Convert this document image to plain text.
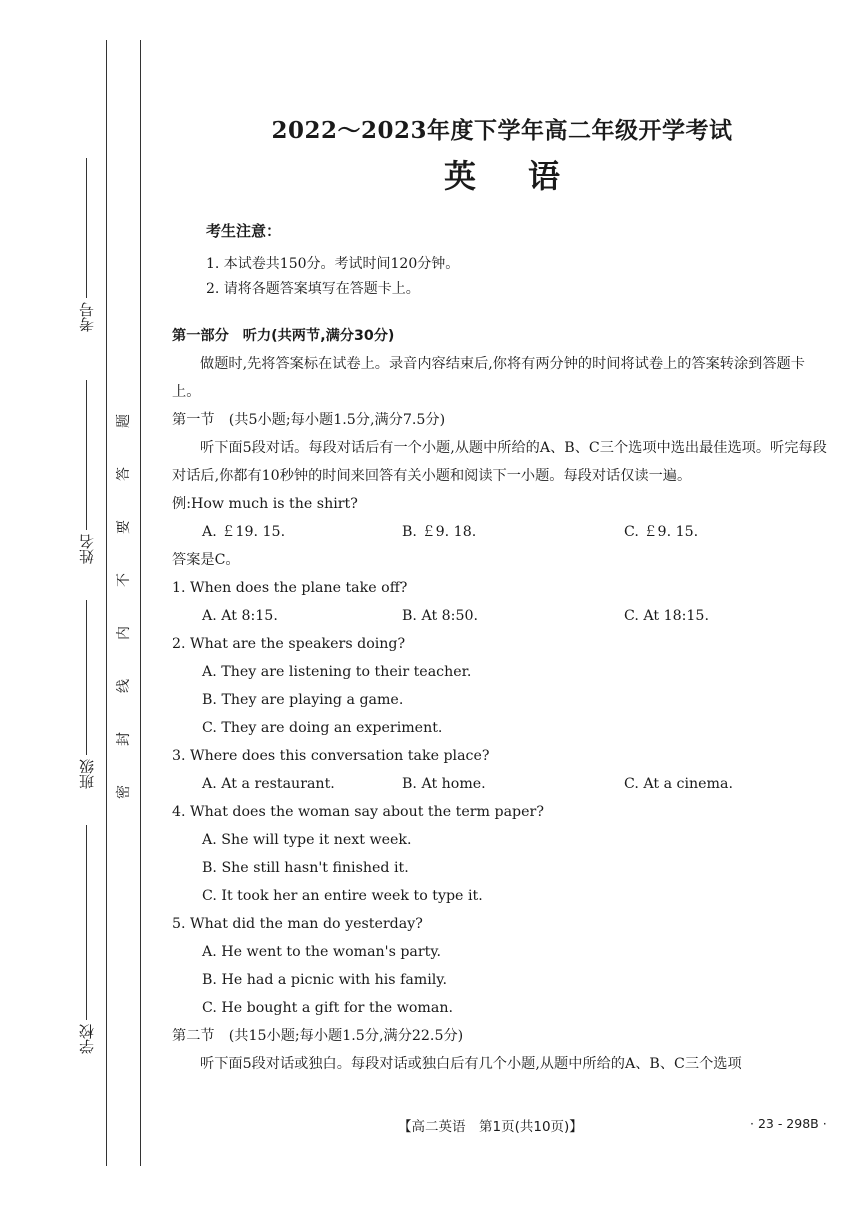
考号
姓名
班级
学校
题
答
要
不
内
线
封
密
2022～2023年度下学年高二年级开学考试
英语
考生注意：
1. 本试卷共150分。考试时间120分钟。
2. 请将各题答案填写在答题卡上。
第一部分 听力(共两节,满分30分)
做题时,先将答案标在试卷上。录音内容结束后,你将有两分钟的时间将试卷上的答案转涂到答题卡上。
第一节　(共5小题;每小题1.5分,满分7.5分)
听下面5段对话。每段对话后有一个小题,从题中所给的A、B、C三个选项中选出最佳选项。听完每段对话后,你都有10秒钟的时间来回答有关小题和阅读下一小题。每段对话仅读一遍。
例:How much is the shirt?
A. ￡19. 15.	B. ￡9. 18.	C. ￡9. 15.
答案是C。
1. When does the plane take off?
A. At 8:15.	B. At 8:50.	C. At 18:15.
2. What are the speakers doing?
A. They are listening to their teacher.
B. They are playing a game.
C. They are doing an experiment.
3. Where does this conversation take place?
A. At a restaurant.	B. At home.	C. At a cinema.
4. What does the woman say about the term paper?
A. She will type it next week.
B. She still hasn't finished it.
C. It took her an entire week to type it.
5. What did the man do yesterday?
A. He went to the woman's party.
B. He had a picnic with his family.
C. He bought a gift for the woman.
第二节　(共15小题;每小题1.5分,满分22.5分)
听下面5段对话或独白。每段对话或独白后有几个小题,从题中所给的A、B、C三个选项
【高二英语　第1页(共10页)】	· 23 - 298B ·
